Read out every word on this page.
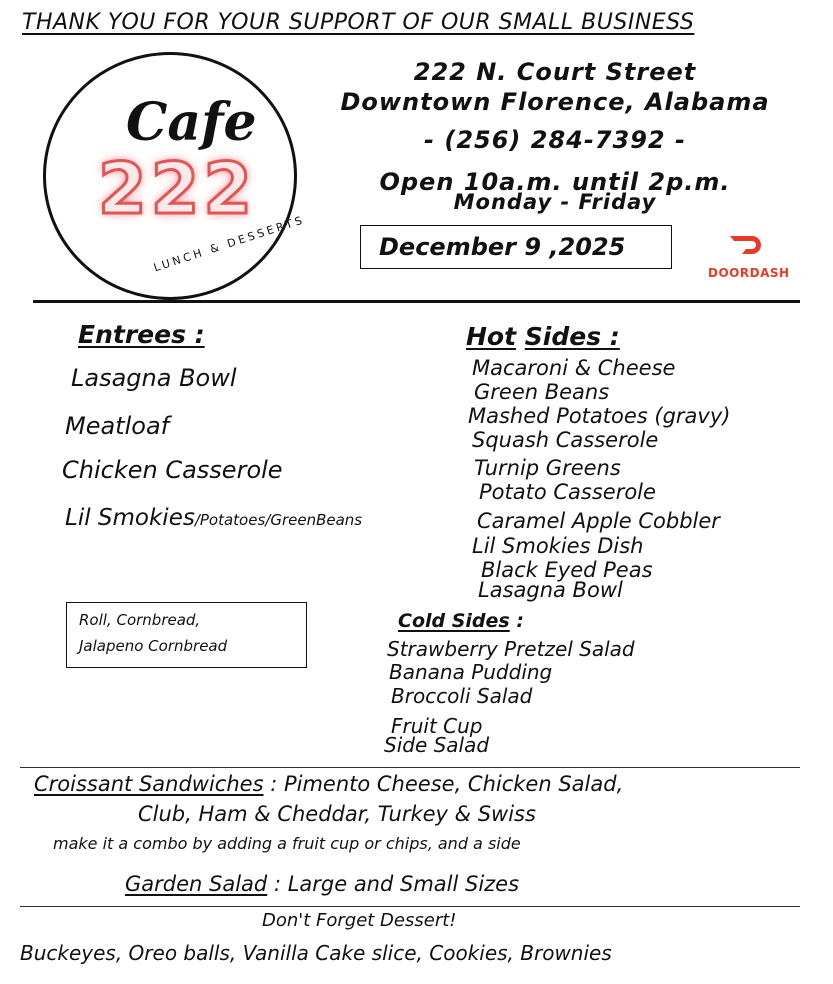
THANK YOU FOR YOUR SUPPORT OF OUR SMALL BUSINESS
Cafe
222
LUNCH & DESSERTS
222 N. Court Street
Downtown Florence, Alabama
- (256) 284-7392 -
Open 10a.m. until 2p.m.
Monday - Friday
December 9 ,2025
DOORDASH
Entrees :
Lasagna Bowl
Meatloaf
Chicken Casserole
Lil Smokies/Potatoes/GreenBeans
Roll, Cornbread,
Jalapeno Cornbread
Hot Sides :
Macaroni & Cheese
Green Beans
Mashed Potatoes (gravy)
Squash Casserole
Turnip Greens
Potato Casserole
Caramel Apple Cobbler
Lil Smokies Dish
Black Eyed Peas
Lasagna Bowl
Cold Sides :
Strawberry Pretzel Salad
Banana Pudding
Broccoli Salad
Fruit Cup
Side Salad
Croissant Sandwiches : Pimento Cheese, Chicken Salad,
Club, Ham & Cheddar, Turkey & Swiss
make it a combo by adding a fruit cup or chips, and a side
Garden Salad : Large and Small Sizes
Don't Forget Dessert!
Buckeyes, Oreo balls, Vanilla Cake slice, Cookies, Brownies
